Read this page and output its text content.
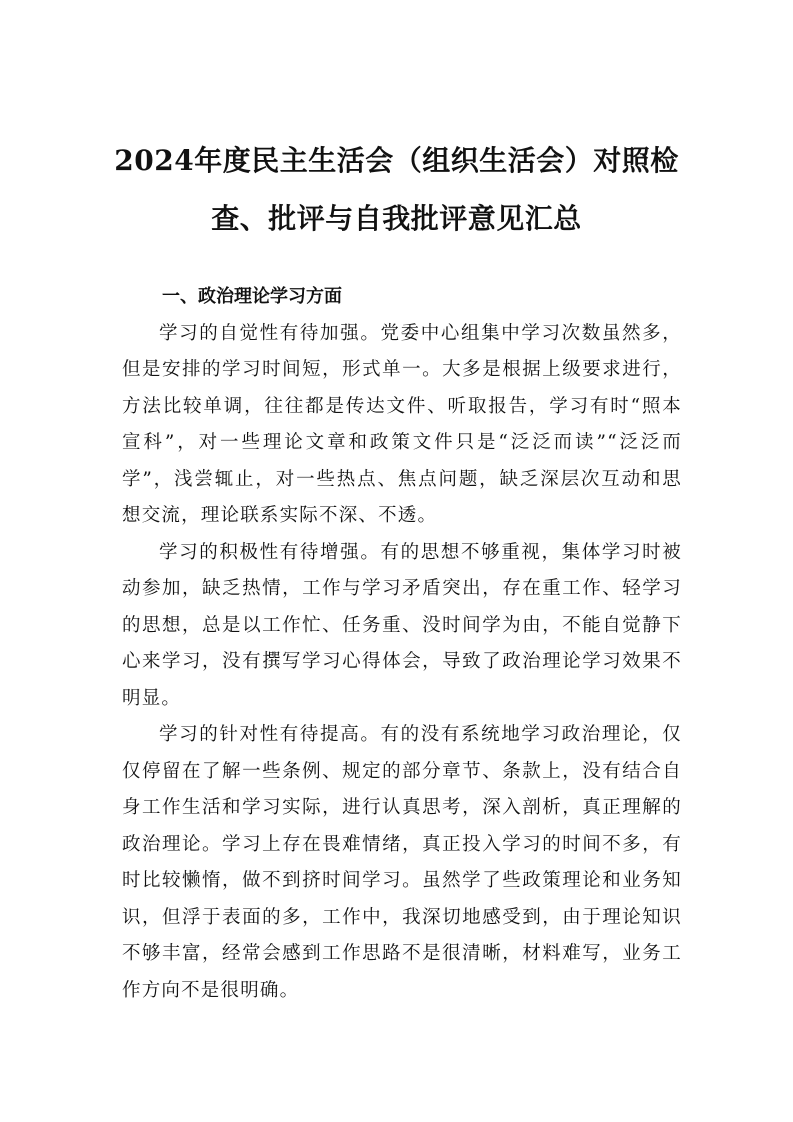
2024年度民主生活会（组织生活会）对照检
查、批评与自我批评意见汇总

一、政治理论学习方面

学习的自觉性有待加强。党委中心组集中学习次数虽然多，但是安排的学习时间短，形式单一。大多是根据上级要求进行，方法比较单调，往往都是传达文件、听取报告，学习有时“照本宣科”，对一些理论文章和政策文件只是“泛泛而读”“泛泛而学”，浅尝辄止，对一些热点、焦点问题，缺乏深层次互动和思想交流，理论联系实际不深、不透。

学习的积极性有待增强。有的思想不够重视，集体学习时被动参加，缺乏热情，工作与学习矛盾突出，存在重工作、轻学习的思想，总是以工作忙、任务重、没时间学为由，不能自觉静下心来学习，没有撰写学习心得体会，导致了政治理论学习效果不明显。

学习的针对性有待提高。有的没有系统地学习政治理论，仅仅停留在了解一些条例、规定的部分章节、条款上，没有结合自身工作生活和学习实际，进行认真思考，深入剖析，真正理解的政治理论。学习上存在畏难情绪，真正投入学习的时间不多，有时比较懒惰，做不到挤时间学习。虽然学了些政策理论和业务知识，但浮于表面的多，工作中，我深切地感受到，由于理论知识不够丰富，经常会感到工作思路不是很清晰，材料难写，业务工作方向不是很明确。
